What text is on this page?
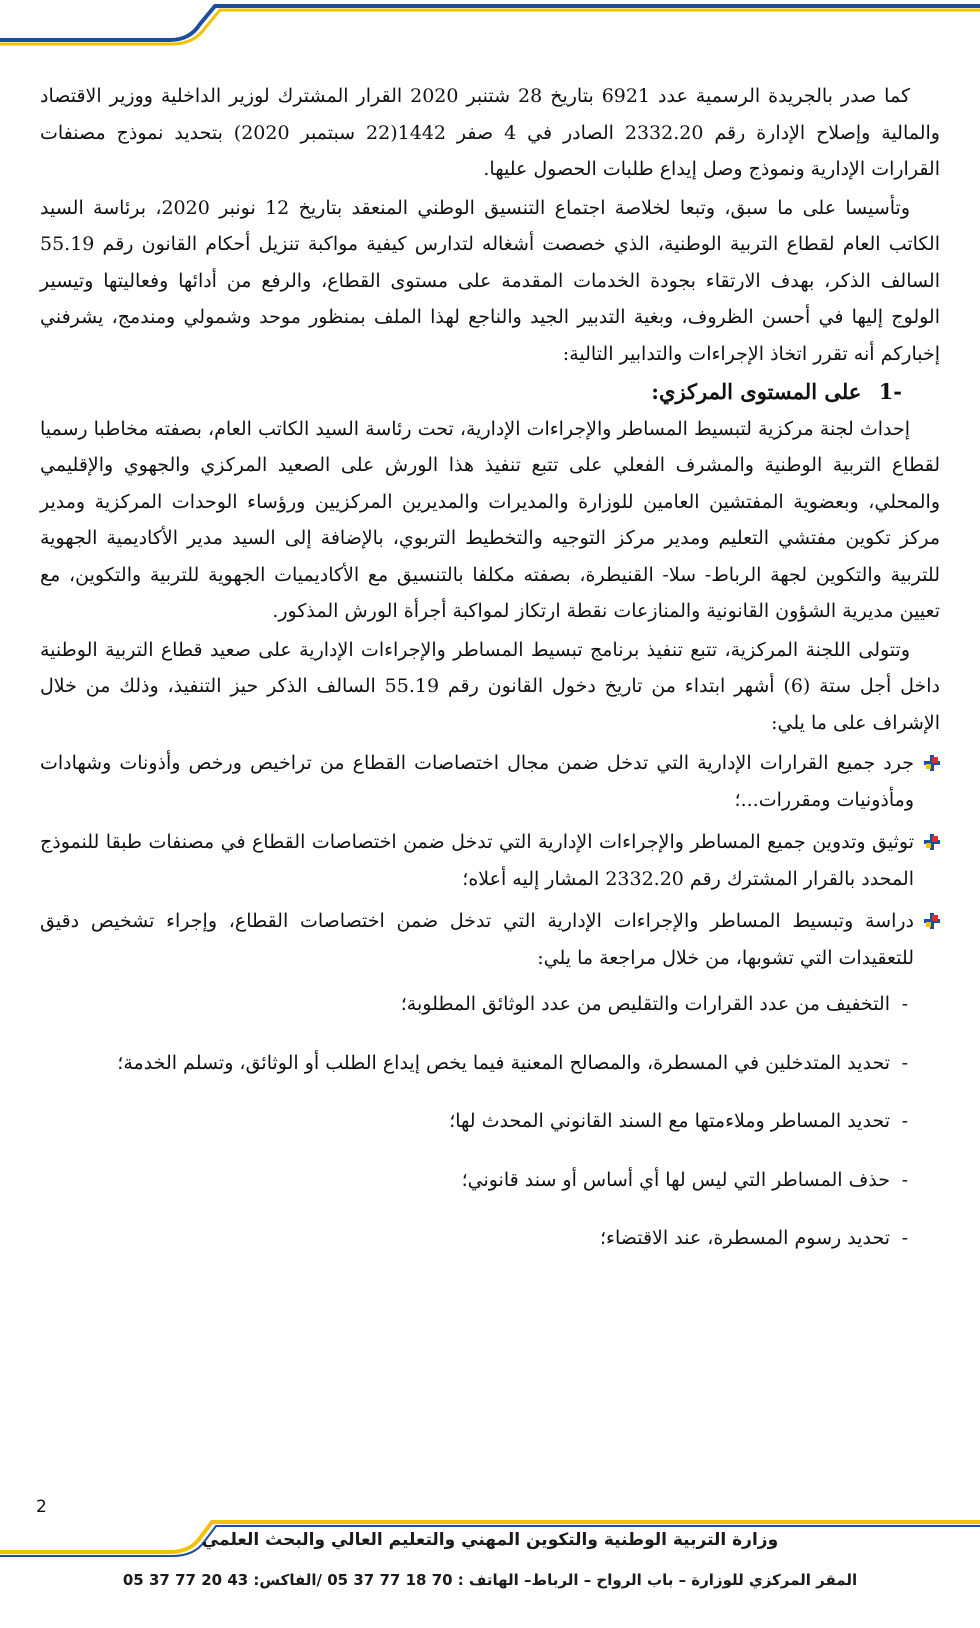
كما صدر بالجريدة الرسمية عدد 6921 بتاريخ 28 شتنبر 2020 القرار المشترك لوزير الداخلية ووزير الاقتصاد والمالية وإصلاح الإدارة رقم 2332.20 الصادر في 4 صفر 1442(22 سبتمبر 2020) بتحديد نموذج مصنفات القرارات الإدارية ونموذج وصل إيداع طلبات الحصول عليها.

وتأسيسا على ما سبق، وتبعا لخلاصة اجتماع التنسيق الوطني المنعقد بتاريخ 12 نونبر 2020، برئاسة السيد الكاتب العام لقطاع التربية الوطنية، الذي خصصت أشغاله لتدارس كيفية مواكبة تنزيل أحكام القانون رقم 55.19 السالف الذكر، بهدف الارتقاء بجودة الخدمات المقدمة على مستوى القطاع، والرفع من أدائها وفعاليتها وتيسير الولوج إليها في أحسن الظروف، وبغية التدبير الجيد والناجع لهذا الملف بمنظور موحد وشمولي ومندمج، يشرفني إخباركم أنه تقرر اتخاذ الإجراءات والتدابير التالية:

-1 على المستوى المركزي:

إحداث لجنة مركزية لتبسيط المساطر والإجراءات الإدارية، تحت رئاسة السيد الكاتب العام، بصفته مخاطبا رسميا لقطاع التربية الوطنية والمشرف الفعلي على تتبع تنفيذ هذا الورش على الصعيد المركزي والجهوي والإقليمي والمحلي، وبعضوية المفتشين العامين للوزارة والمديرات والمديرين المركزيين ورؤساء الوحدات المركزية ومدير مركز تكوين مفتشي التعليم ومدير مركز التوجيه والتخطيط التربوي، بالإضافة إلى السيد مدير الأكاديمية الجهوية للتربية والتكوين لجهة الرباط- سلا- القنيطرة، بصفته مكلفا بالتنسيق مع الأكاديميات الجهوية للتربية والتكوين، مع تعيين مديرية الشؤون القانونية والمنازعات نقطة ارتكاز لمواكبة أجرأة الورش المذكور.

وتتولى اللجنة المركزية، تتبع تنفيذ برنامج تبسيط المساطر والإجراءات الإدارية على صعيد قطاع التربية الوطنية داخل أجل ستة (6) أشهر ابتداء من تاريخ دخول القانون رقم 55.19 السالف الذكر حيز التنفيذ، وذلك من خلال الإشراف على ما يلي:

جرد جميع القرارات الإدارية التي تدخل ضمن مجال اختصاصات القطاع من تراخيص ورخص وأذونات وشهادات ومأذونيات ومقررات...؛
توثيق وتدوين جميع المساطر والإجراءات الإدارية التي تدخل ضمن اختصاصات القطاع في مصنفات طبقا للنموذج المحدد بالقرار المشترك رقم 2332.20 المشار إليه أعلاه؛
دراسة وتبسيط المساطر والإجراءات الإدارية التي تدخل ضمن اختصاصات القطاع، وإجراء تشخيص دقيق للتعقيدات التي تشوبها، من خلال مراجعة ما يلي:
- التخفيف من عدد القرارات والتقليص من عدد الوثائق المطلوبة؛
- تحديد المتدخلين في المسطرة، والمصالح المعنية فيما يخص إيداع الطلب أو الوثائق، وتسلم الخدمة؛
- تحديد المساطر وملاءمتها مع السند القانوني المحدث لها؛
- حذف المساطر التي ليس لها أي أساس أو سند قانوني؛
- تحديد رسوم المسطرة، عند الاقتضاء؛
2
وزارة التربية الوطنية والتكوين المهني والتعليم العالي والبحث العلمي
المقر المركزي للوزارة – باب الرواح – الرباط– الهاتف : 70 18 77 37 05 /الفاكس: 43 20 77 37 05
